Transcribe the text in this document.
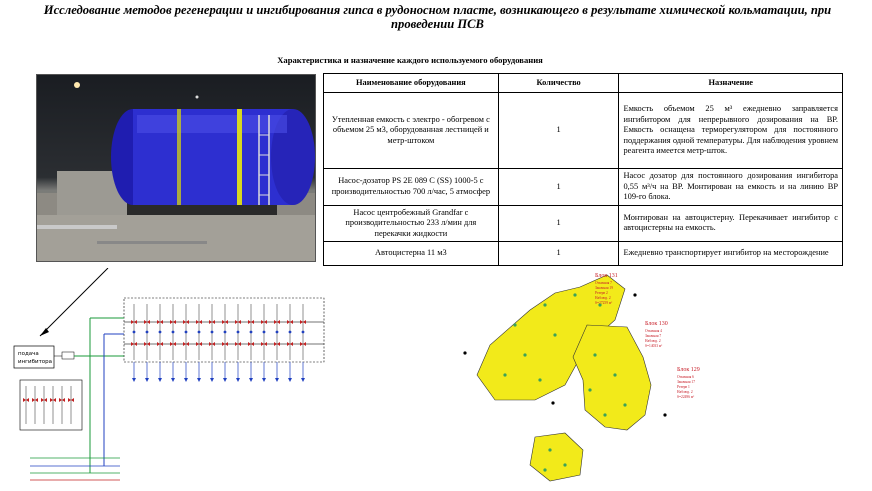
Исследование методов регенерации и ингибирования гипса в рудоносном пласте, возникающего в результате химической кольматации, при проведении ПСВ
Характеристика и назначение каждого используемого оборудования
Наименование оборудования	Количество	Назначение
Утепленная емкость с электро - обогревом с объемом 25 м3, оборудованная лестницей и метр-штоком	1	Емкость объемом 25 м³ ежедневно заправляется ингибитором для непрерывного дозирования на ВР. Емкость оснащена терморегулятором для постоянного поддержания одной температуры. Для наблюдения уровнем реагента имеется метр-шток.
Насос-дозатор PS 2E 089 C (SS) 1000-5 с производительностью 700 л/час, 5 атмосфер	1	Насос дозатор для постоянного дозирования ингибитора 0,55 м³/ч на ВР. Монтирован на емкость и на линию ВР 109-го блока.
Насос центробежный Grandfar с производительностью 233 л/мин для перекачки жидкости	1	Монтирован на автоцистерну. Перекачивает ингибитор с автоцистерны на емкость.
Автоцистерна 11 м3	1	Ежедневно транспортирует ингибитор на месторождение
подача
ингибитора
Блок 131
Откачная 7
Закачная 19
Резерв 2
Наблюд. 2
S=27259 м²
Блок 130
Откачная 4
Закачная 7
Наблюд. 2
S=14033 м²
Блок 129
Откачная 6
Закачная 17
Резерв 1
Наблюд. 2
S=22496 м²
